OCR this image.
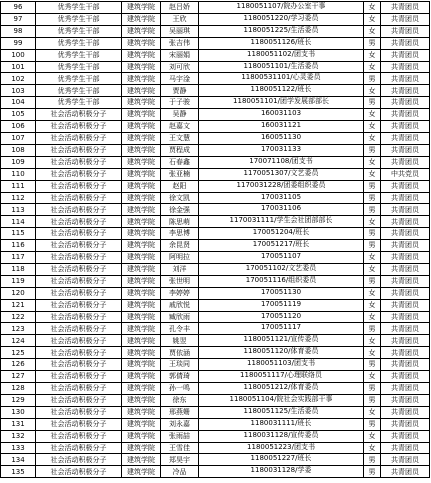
96	优秀学生干部	建筑学院	赵吕娇	1180051107/院办公室干事	女	共青团员
97	优秀学生干部	建筑学院	王欣	1180051220/学习委员	女	共青团员
98	优秀学生干部	建筑学院	吴丽琪	1180051225/生活委员	女	共青团员
99	优秀学生干部	建筑学院	张吉伟	1180051126/班长	男	共青团员
100	优秀学生干部	建筑学院	宋丽娟	1180051102/团支书	女	共青团员
101	优秀学生干部	建筑学院	刘可欣	1180051101/生活委员	女	共青团员
102	优秀学生干部	建筑学院	马宇淦	11800531101/心灵委员	男	共青团员
103	优秀学生干部	建筑学院	贾静	1180051122/班长	女	共青团员
104	优秀学生干部	建筑学院	于子骏	1180051101/团学发展部部长	男	共青团员
105	社会活动积极分子	建筑学院	吴静	160031103	女	共青团员
106	社会活动积极分子	建筑学院	赵嘉文	160031121	女	共青团员
107	社会活动积极分子	建筑学院	王文慧	160051130	女	共青团员
108	社会活动积极分子	建筑学院	贾程成	170031133	男	共青团员
109	社会活动积极分子	建筑学院	石春鑫	170071108/团支书	女	共青团员
110	社会活动积极分子	建筑学院	张亚楠	1170051307/文艺委员	女	中共党员
111	社会活动积极分子	建筑学院	赵阳	1170031228/团委组织委员	男	共青团员
112	社会活动积极分子	建筑学院	徐文凯	170031105	男	共青团员
113	社会活动积极分子	建筑学院	徐金强	170031106	男	共青团员
114	社会活动积极分子	建筑学院	陈思萌	1170031111/学生会社团部部长	女	共青团员
115	社会活动积极分子	建筑学院	李思博	170051204/班长	男	共青团员
116	社会活动积极分子	建筑学院	余昆贤	170051217/班长	男	共青团员
117	社会活动积极分子	建筑学院	阿明拉	170051107	女	共青团员
118	社会活动积极分子	建筑学院	刘洋	170051102/文艺委员	女	共青团员
119	社会活动积极分子	建筑学院	张世明	170051116/组织委员	男	共青团员
120	社会活动积极分子	建筑学院	李婷婷	170051130	女	共青团员
121	社会活动积极分子	建筑学院	戚欣悦	170051119	女	共青团员
122	社会活动积极分子	建筑学院	臧欣雨	170051120	女	共青团员
123	社会活动积极分子	建筑学院	孔令丰	170051117	男	共青团员
124	社会活动积极分子	建筑学院	姚翌	1180051121/宣传委员	女	共青团员
125	社会活动积极分子	建筑学院	贾依涵	1180051120/体育委员	女	共青团员
126	社会活动积极分子	建筑学院	王琰同	1180051103/团支书	男	共青团员
127	社会活动积极分子	建筑学院	郭倩琦	1180051117/心理联络员	女	共青团员
128	社会活动积极分子	建筑学院	孙一鸣	1180051212/体育委员	男	共青团员
129	社会活动积极分子	建筑学院	徐东	1180051104/院社会实践部干事	男	共青团员
130	社会活动积极分子	建筑学院	邢燕姗	1180051125/生活委员	女	共青团员
131	社会活动积极分子	建筑学院	刘永嘉	1180031111/班长	男	共青团员
132	社会活动积极分子	建筑学院	张雨喆	1180031128/宣传委员	女	共青团员
133	社会活动积极分子	建筑学院	王雪佳	1180051223/团支书	女	共青团员
134	社会活动积极分子	建筑学院	郑昊宇	1180051227/班长	男	共青团员
135	社会活动积极分子	建筑学院	冷品	1180031128/学委	男	共青团员
